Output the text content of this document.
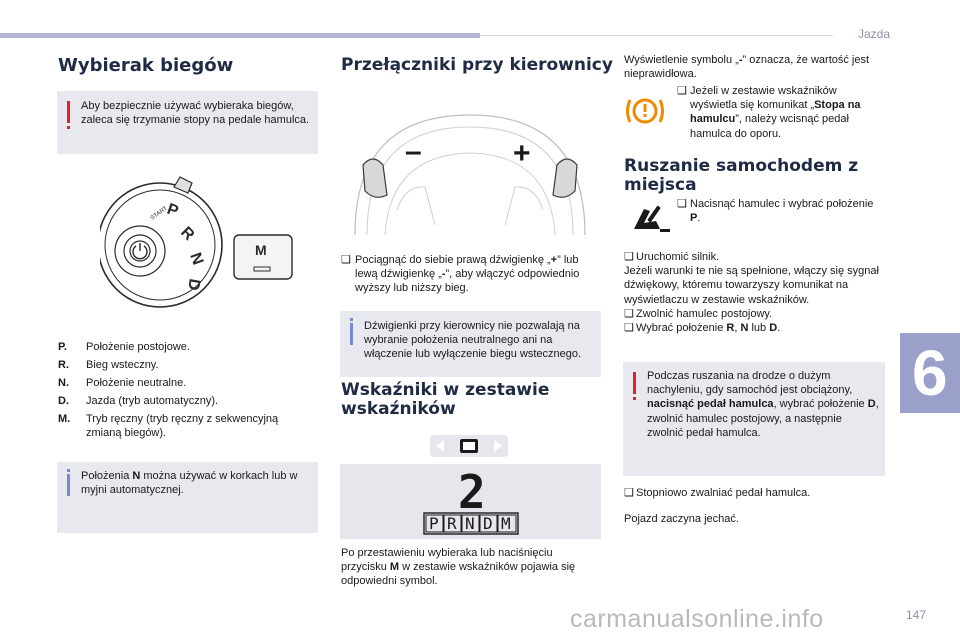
Jazda
6
Wybierak biegów

Aby bezpiecznie używać wybieraka biegów, zaleca się trzymanie stopy na pedale hamulca.

START
P
R
N
D
M
P. Położenie postojowe.
R. Bieg wsteczny.
N. Położenie neutralne.
D. Jazda (tryb automatyczny).
M. Tryb ręczny (tryb ręczny z sekwencyjną zmianą biegów).

Położenia N można używać w korkach lub w myjni automatycznej.

Przełączniki przy kierownicy
–	+
❑ Pociągnąć do siebie prawą dźwigienkę „+” lub lewą dźwigienkę „-”, aby włączyć odpowiednio wyższy lub niższy bieg.

Dźwigienki przy kierownicy nie pozwalają na wybranie położenia neutralnego ani na włączenie lub wyłączenie biegu wstecznego.

Wskaźniki w zestawie wskaźników
2
P R N D M
Po przestawieniu wybieraka lub naciśnięciu przycisku M w zestawie wskaźników pojawia się odpowiedni symbol.
Wyświetlenie symbolu „-” oznacza, że wartość jest nieprawidłowa.
❑ Jeżeli w zestawie wskaźników wyświetla się komunikat „Stopa na hamulcu”, należy wcisnąć pedał hamulca do oporu.
Ruszanie samochodem z miejsca
❑ Nacisnąć hamulec i wybrać położenie P.
❑ Uruchomić silnik.
Jeżeli warunki te nie są spełnione, włączy się sygnał dźwiękowy, któremu towarzyszy komunikat na wyświetlaczu w zestawie wskaźników.
❑ Zwolnić hamulec postojowy.
❑ Wybrać położenie R, N lub D.

Podczas ruszania na drodze o dużym nachyleniu, gdy samochód jest obciążony, nacisnąć pedał hamulca, wybrać położenie D, zwolnić hamulec postojowy, a następnie zwolnić pedał hamulca.

❑ Stopniowo zwalniać pedał hamulca.
Pojazd zaczyna jechać.
carmanualsonline.info	147
